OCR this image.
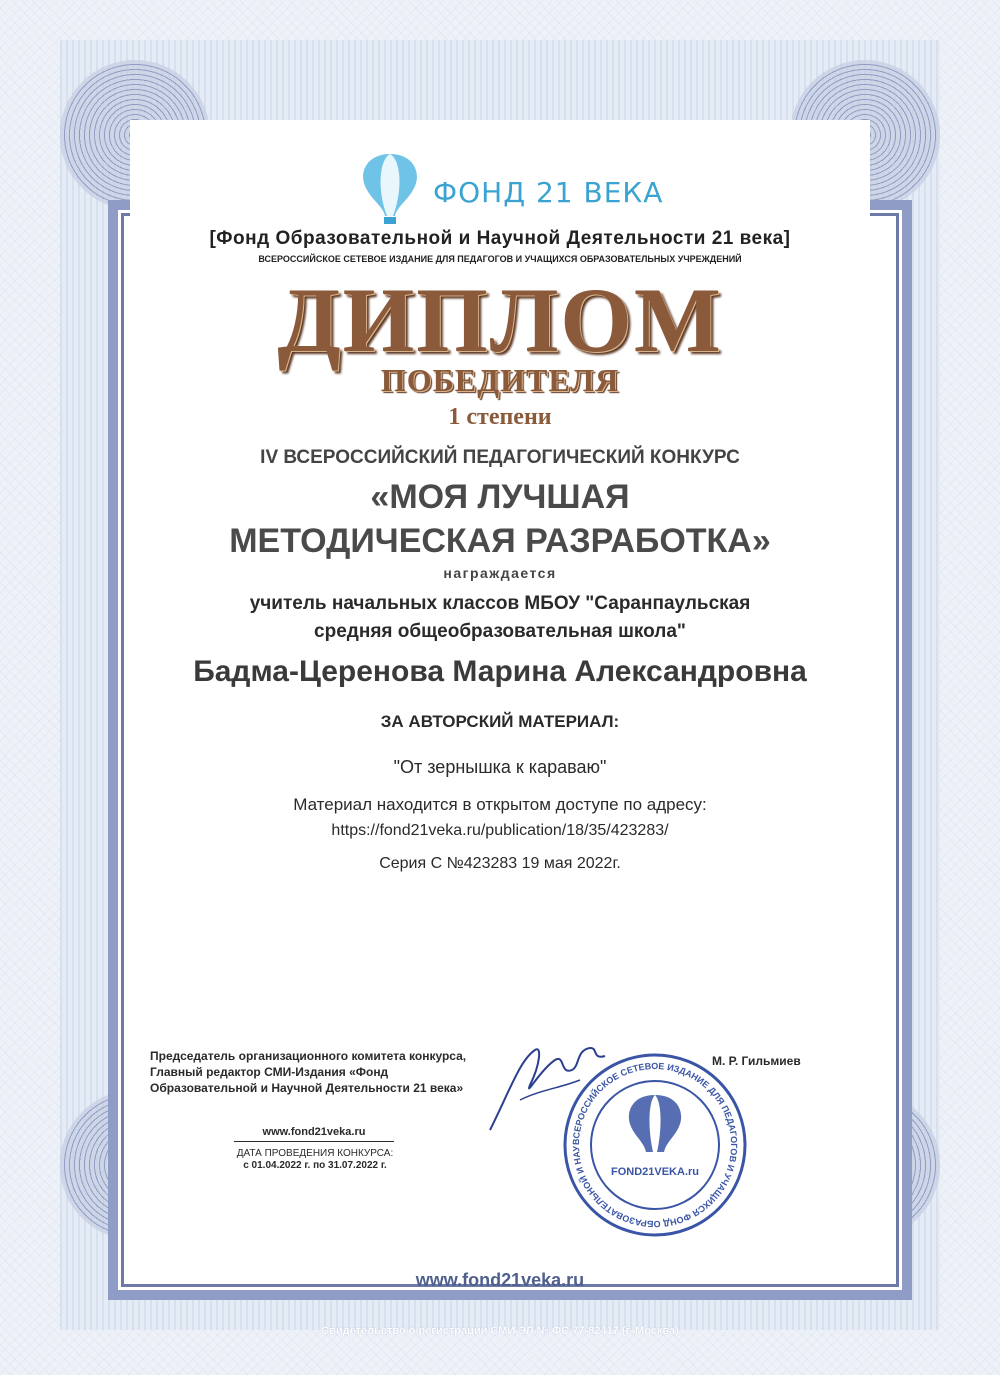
ФОНД 21 ВЕКА
[Фонд Образовательной и Научной Деятельности 21 века]
ВСЕРОССИЙСКОЕ СЕТЕВОЕ ИЗДАНИЕ ДЛЯ ПЕДАГОГОВ И УЧАЩИХСЯ ОБРАЗОВАТЕЛЬНЫХ УЧРЕЖДЕНИЙ
ДИПЛОМ
ПОБЕДИТЕЛЯ
1 степени
IV ВСЕРОССИЙСКИЙ ПЕДАГОГИЧЕСКИЙ КОНКУРС
«МОЯ ЛУЧШАЯ
МЕТОДИЧЕСКАЯ РАЗРАБОТКА»
награждается
учитель начальных классов МБОУ "Саранпаульская
средняя общеобразовательная школа"
Бадма-Церенова Марина Александровна
ЗА АВТОРСКИЙ МАТЕРИАЛ:
"От зернышка к караваю"
Материал находится в открытом доступе по адресу:
https://fond21veka.ru/publication/18/35/423283/
Серия С №423283 19 мая 2022г.
Председатель организационного комитета конкурса,
Главный редактор СМИ-Издания «Фонд
Образовательной и Научной Деятельности 21 века»
М. Р. Гильмиев
ВСЕРОССИЙСКОЕ СЕТЕВОЕ ИЗДАНИЕ ДЛЯ ПЕДАГОГОВ И УЧАЩИХСЯ ФОНД ОБРАЗОВАТЕЛЬНОЙ И НАУ
FOND21VEKA.ru
www.fond21veka.ru
ДАТА ПРОВЕДЕНИЯ КОНКУРСА:
с 01.04.2022 г. по 31.07.2022 г.
www.fond21veka.ru
Свидетельство о регистрации СМИ ЭЛ № ФС 77-82417 (г. Москва)
